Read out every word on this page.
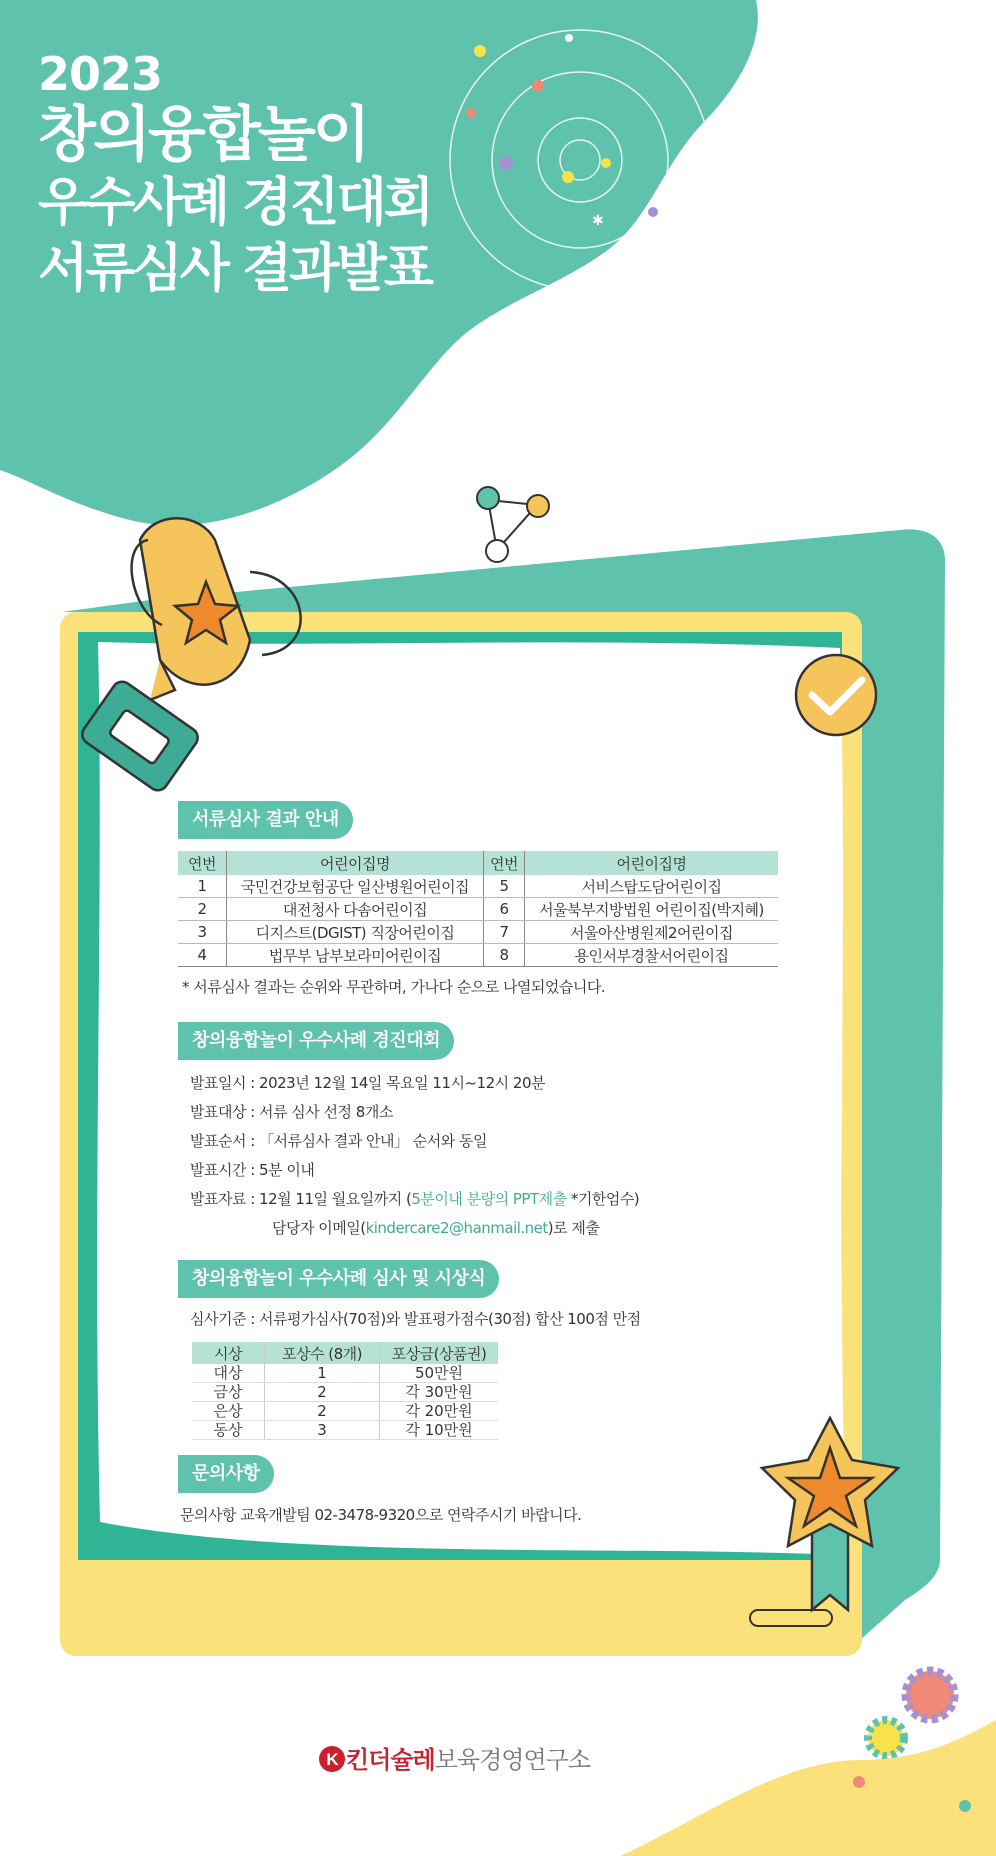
✱
2023
창의융합놀이
우수사례 경진대회
서류심사 결과발표
서류심사 결과 안내
연번	어린이집명	연번	어린이집명
1	국민건강보험공단 일산병원어린이집	5	서비스탑도담어린이집
2	대전청사 다솜어린이집	6	서울북부지방법원 어린이집(박지혜)
3	디지스트(DGIST) 직장어린이집	7	서울아산병원제2어린이집
4	법무부 남부보라미어린이집	8	용인서부경찰서어린이집
* 서류심사 결과는 순위와 무관하며, 가나다 순으로 나열되었습니다.
창의융합놀이 우수사례 경진대회
발표일시 : 2023년 12월 14일 목요일 11시~12시 20분
발표대상 : 서류 심사 선정 8개소
발표순서 : 「서류심사 결과 안내」 순서와 동일
발표시간 : 5분 이내
발표자료 : 12월 11일 월요일까지 (5분이내 분량의 PPT제출 *기한엄수)
담당자 이메일(kindercare2@hanmail.net)로 제출
창의융합놀이 우수사례 심사 및 시상식
심사기준 : 서류평가심사(70점)와 발표평가점수(30점) 합산 100점 만점
시상	포상수 (8개)	포상금(상품권)
대상	1	50만원
금상	2	각 30만원
은상	2	각 20만원
동상	3	각 10만원
문의사항
문의사항 교육개발팀 02-3478-9320으로 연락주시기 바랍니다.
K 킨더슐레보육경영연구소
